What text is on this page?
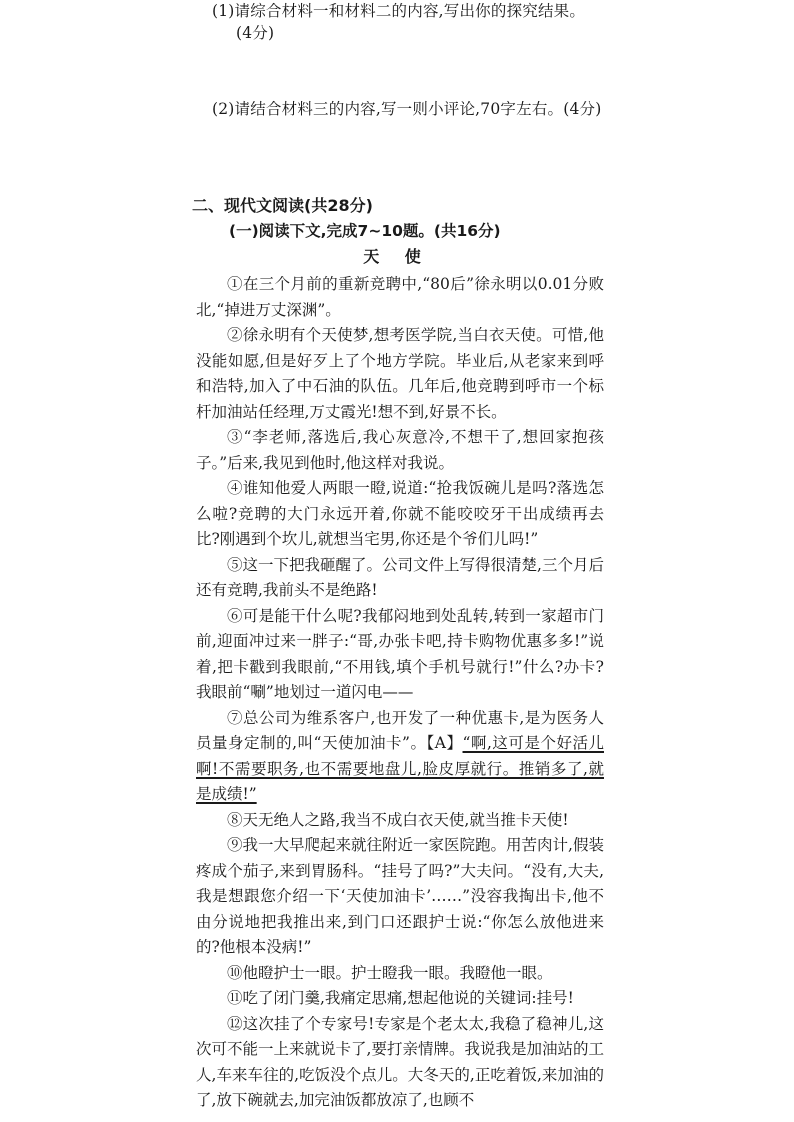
(1)请综合材料一和材料二的内容,写出你的探究结果。
(4分)
(2)请结合材料三的内容,写一则小评论,70字左右。(4分)
二、现代文阅读(共28分)
(一)阅读下文,完成7~10题。(共16分)
天 使

①在三个月前的重新竞聘中,“80后”徐永明以0.01分败北,“掉进万丈深渊”。

②徐永明有个天使梦,想考医学院,当白衣天使。可惜,他没能如愿,但是好歹上了个地方学院。毕业后,从老家来到呼和浩特,加入了中石油的队伍。几年后,他竞聘到呼市一个标杆加油站任经理,万丈霞光!想不到,好景不长。

③“李老师,落选后,我心灰意冷,不想干了,想回家抱孩子。”后来,我见到他时,他这样对我说。

④谁知他爱人两眼一瞪,说道:“抢我饭碗儿是吗?落选怎么啦?竞聘的大门永远开着,你就不能咬咬牙干出成绩再去比?刚遇到个坎儿,就想当宅男,你还是个爷们儿吗!”

⑤这一下把我砸醒了。公司文件上写得很清楚,三个月后还有竞聘,我前头不是绝路!

⑥可是能干什么呢?我郁闷地到处乱转,转到一家超市门前,迎面冲过来一胖子:“哥,办张卡吧,持卡购物优惠多多!”说着,把卡戳到我眼前,“不用钱,填个手机号就行!”什么?办卡?我眼前“唰”地划过一道闪电——

⑦总公司为维系客户,也开发了一种优惠卡,是为医务人员量身定制的,叫“天使加油卡”。【A】“啊,这可是个好活儿啊!不需要职务,也不需要地盘儿,脸皮厚就行。推销多了,就是成绩!”

⑧天无绝人之路,我当不成白衣天使,就当推卡天使!

⑨我一大早爬起来就往附近一家医院跑。用苦肉计,假装疼成个茄子,来到胃肠科。“挂号了吗?”大夫问。“没有,大夫,我是想跟您介绍一下‘天使加油卡’……”没容我掏出卡,他不由分说地把我推出来,到门口还跟护士说:“你怎么放他进来的?他根本没病!”

⑩他瞪护士一眼。护士瞪我一眼。我瞪他一眼。

⑪吃了闭门羹,我痛定思痛,想起他说的关键词:挂号!

⑫这次挂了个专家号!专家是个老太太,我稳了稳神儿,这次可不能一上来就说卡了,要打亲情牌。我说我是加油站的工人,车来车往的,吃饭没个点儿。大冬天的,正吃着饭,来加油的了,放下碗就去,加完油饭都放凉了,也顾不
